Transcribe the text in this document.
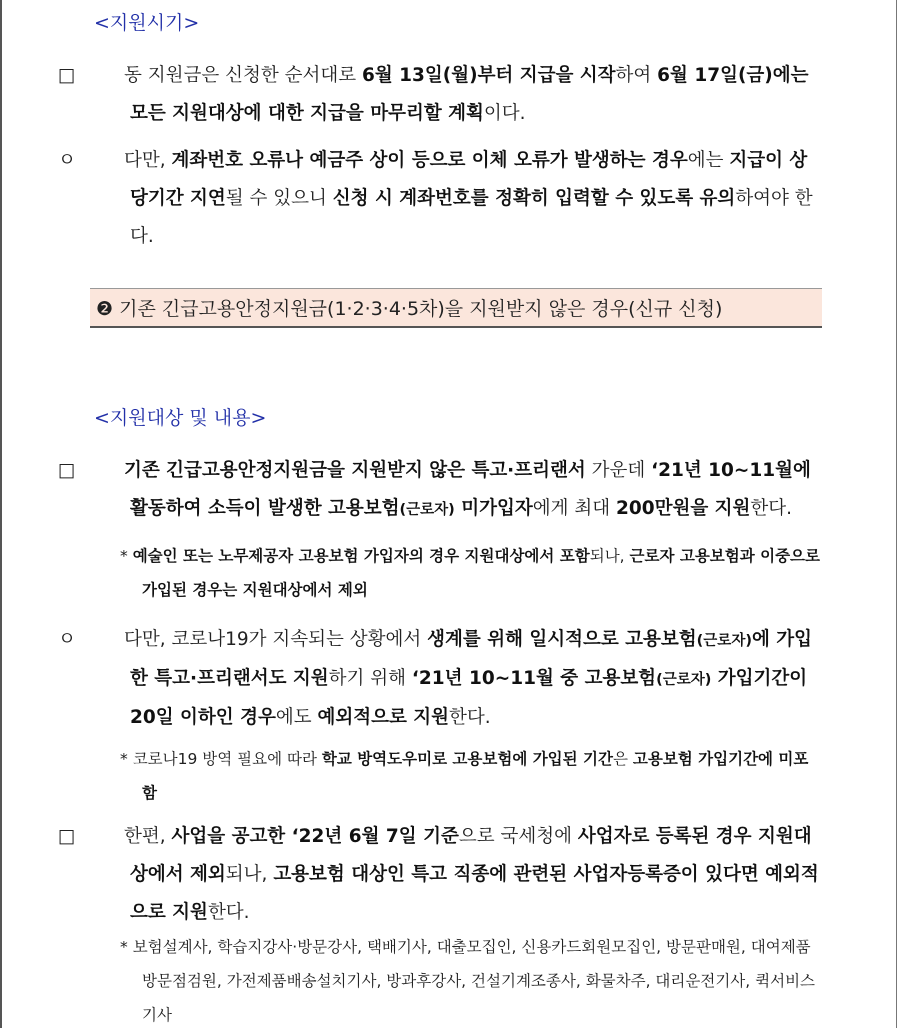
<지원시기>
□	동 지원금은 신청한 순서대로 6월 13일(월)부터 지급을 시작하여 6월 17일(금)에는 모든 지원대상에 대한 지급을 마무리할 계획이다.
ㅇ	다만, 계좌번호 오류나 예금주 상이 등으로 이체 오류가 발생하는 경우에는 지급이 상당기간 지연될 수 있으니 신청 시 계좌번호를 정확히 입력할 수 있도록 유의하여야 한다.
❷ 기존 긴급고용안정지원금(1·2·3·4·5차)을 지원받지 않은 경우(신규 신청)
<지원대상 및 내용>
□	기존 긴급고용안정지원금을 지원받지 않은 특고·프리랜서 가운데 ‘21년 10~11월에 활동하여 소득이 발생한 고용보험(근로자) 미가입자에게 최대 200만원을 지원한다.
* 예술인 또는 노무제공자 고용보험 가입자의 경우 지원대상에서 포함되나, 근로자 고용보험과 이중으로 가입된 경우는 지원대상에서 제외
ㅇ	다만, 코로나19가 지속되는 상황에서 생계를 위해 일시적으로 고용보험(근로자)에 가입한 특고·프리랜서도 지원하기 위해 ‘21년 10~11월 중 고용보험(근로자) 가입기간이 20일 이하인 경우에도 예외적으로 지원한다.
* 코로나19 방역 필요에 따라 학교 방역도우미로 고용보험에 가입된 기간은 고용보험 가입기간에 미포함
□	한편, 사업을 공고한 ‘22년 6월 7일 기준으로 국세청에 사업자로 등록된 경우 지원대상에서 제외되나, 고용보험 대상인 특고 직종에 관련된 사업자등록증이 있다면 예외적으로 지원한다.
* 보험설계사, 학습지강사·방문강사, 택배기사, 대출모집인, 신용카드회원모집인, 방문판매원, 대여제품방문점검원, 가전제품배송설치기사, 방과후강사, 건설기계조종사, 화물차주, 대리운전기사, 퀵서비스기사
